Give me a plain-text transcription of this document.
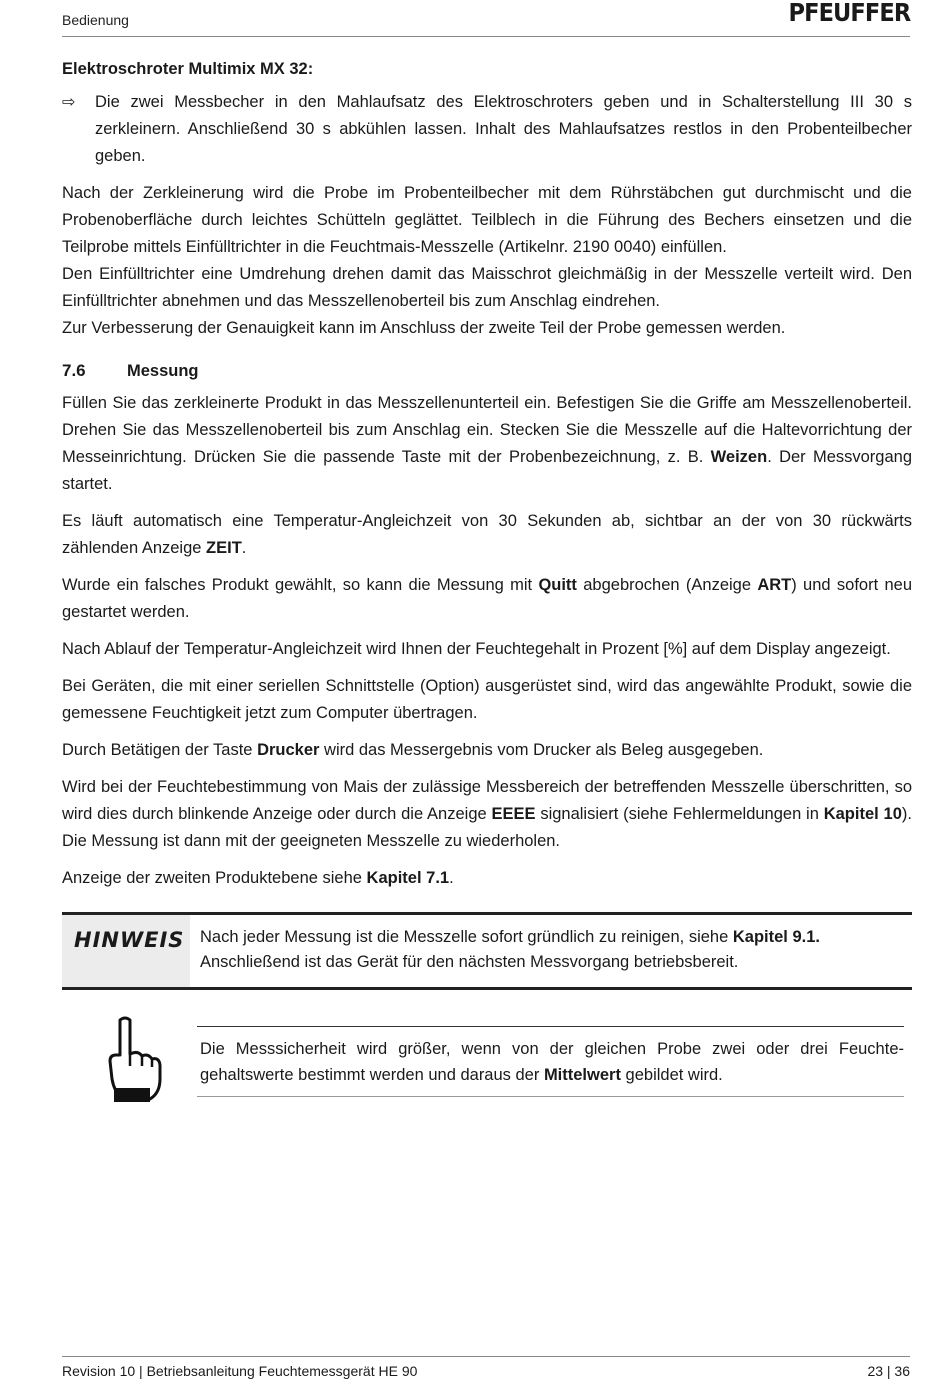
Bedienung	PFEUFFER
Elektroschroter Multimix MX 32:
⇨	Die zwei Messbecher in den Mahlaufsatz des Elektroschroters geben und in Schalterstellung III 30 s zerkleinern. Anschließend 30 s abkühlen lassen. Inhalt des Mahlaufsatzes restlos in den Probenteilbecher geben.

Nach der Zerkleinerung wird die Probe im Probenteilbecher mit dem Rührstäbchen gut durchmischt und die Probenoberfläche durch leichtes Schütteln geglättet. Teilblech in die Führung des Bechers einsetzen und die Teilprobe mittels Einfülltrichter in die Feuchtmais-Messzelle (Artikelnr. 2190 0040) einfüllen.
Den Einfülltrichter eine Umdrehung drehen damit das Maisschrot gleichmäßig in der Messzelle verteilt wird. Den Einfülltrichter abnehmen und das Messzellenoberteil bis zum Anschlag eindrehen.
Zur Verbesserung der Genauigkeit kann im Anschluss der zweite Teil der Probe gemessen werden.

7.6	Messung

Füllen Sie das zerkleinerte Produkt in das Messzellenunterteil ein. Befestigen Sie die Griffe am Messzellenoberteil. Drehen Sie das Messzellenoberteil bis zum Anschlag ein. Stecken Sie die Messzelle auf die Haltevorrichtung der Messeinrichtung. Drücken Sie die passende Taste mit der Probenbezeichnung, z. B. Weizen. Der Messvorgang startet.

Es läuft automatisch eine Temperatur-Angleichzeit von 30 Sekunden ab, sichtbar an der von 30 rückwärts zählenden Anzeige ZEIT.

Wurde ein falsches Produkt gewählt, so kann die Messung mit Quitt abgebrochen (Anzeige ART) und sofort neu gestartet werden.

Nach Ablauf der Temperatur-Angleichzeit wird Ihnen der Feuchtegehalt in Prozent [%] auf dem Display angezeigt.

Bei Geräten, die mit einer seriellen Schnittstelle (Option) ausgerüstet sind, wird das angewählte Produkt, sowie die gemessene Feuchtigkeit jetzt zum Computer übertragen.

Durch Betätigen der Taste Drucker wird das Messergebnis vom Drucker als Beleg ausgegeben.

Wird bei der Feuchtebestimmung von Mais der zulässige Messbereich der betreffenden Messzelle überschritten, so wird dies durch blinkende Anzeige oder durch die Anzeige EEEE signalisiert (siehe Fehlermeldungen in Kapitel 10). Die Messung ist dann mit der geeigneten Messzelle zu wiederholen.

Anzeige der zweiten Produktebene siehe Kapitel 7.1.

HINWEIS Nach jeder Messung ist die Messzelle sofort gründlich zu reinigen, siehe Kapitel 9.1. Anschließend ist das Gerät für den nächsten Messvorgang betriebsbereit.
Die Messsicherheit wird größer, wenn von der gleichen Probe zwei oder drei Feuchtegehaltswerte bestimmt werden und daraus der Mittelwert gebildet wird.
Revision 10 | Betriebsanleitung Feuchtemessgerät HE 90	23 | 36
